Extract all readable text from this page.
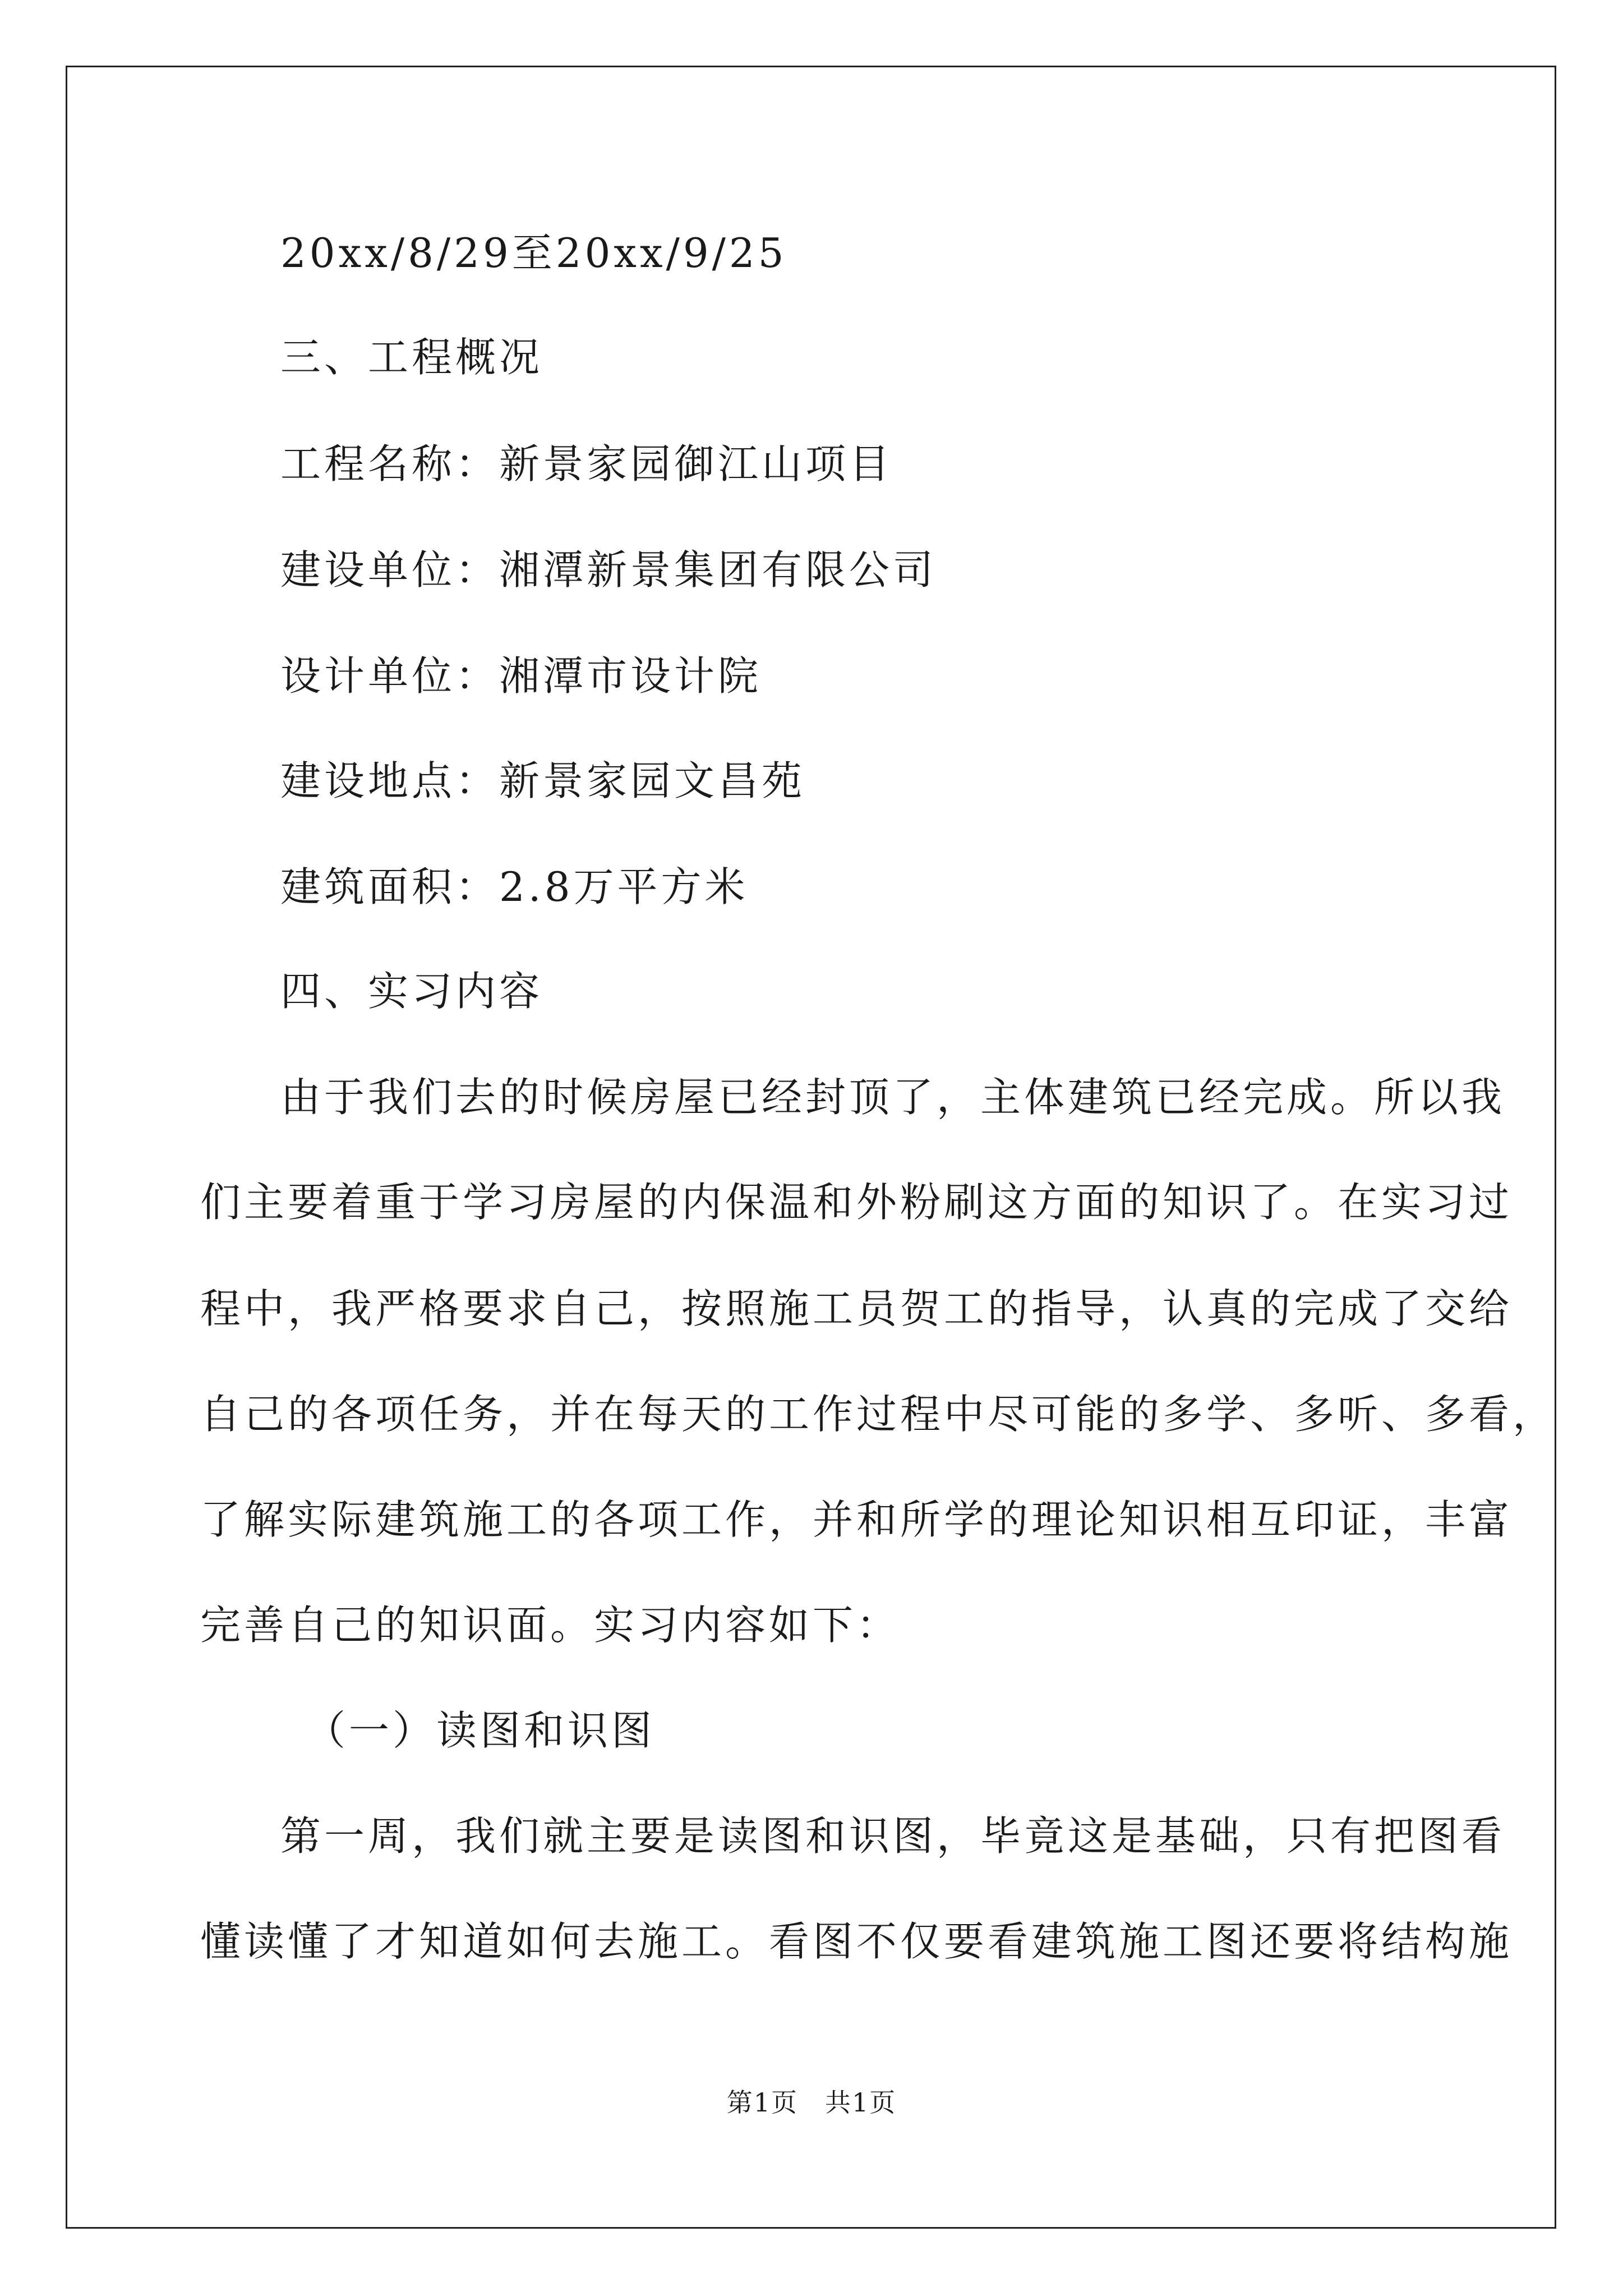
20xx/8/29至20xx/9/25
三、工程概况
工程名称：新景家园御江山项目
建设单位：湘潭新景集团有限公司
设计单位：湘潭市设计院
建设地点：新景家园文昌苑
建筑面积：2.8万平方米
四、实习内容
由于我们去的时候房屋已经封顶了，主体建筑已经完成。所以我
们主要着重于学习房屋的内保温和外粉刷这方面的知识了。在实习过
程中，我严格要求自己，按照施工员贺工的指导，认真的完成了交给
自己的各项任务，并在每天的工作过程中尽可能的多学、多听、多看，
了解实际建筑施工的各项工作，并和所学的理论知识相互印证，丰富
完善自己的知识面。实习内容如下：
（一）读图和识图
第一周，我们就主要是读图和识图，毕竟这是基础，只有把图看
懂读懂了才知道如何去施工。看图不仅要看建筑施工图还要将结构施
第1页　共1页
